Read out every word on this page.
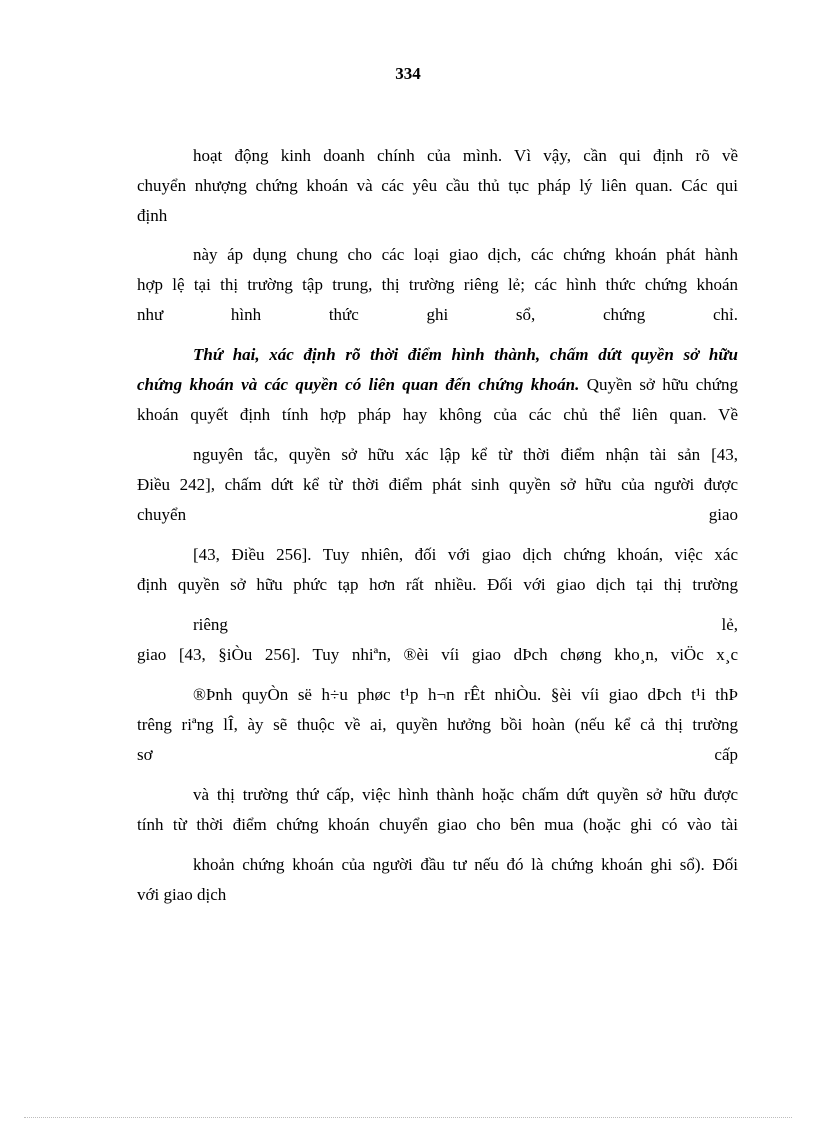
334
hoạt động kinh doanh chính của mình. Vì vậy, cần qui định rõ về
chuyển nhượng chứng khoán và các yêu cầu thủ tục pháp lý liên quan. Các qui
định
này áp dụng chung cho các loại giao dịch, các chứng khoán phát hành
hợp lệ tại thị trường tập trung, thị trường riêng lẻ; các hình thức chứng khoán
như	hình	thức	ghi	sổ,	chứng	chỉ.
Thứ hai, xác định rõ thời điểm hình thành, chấm dứt quyền sở hữu
chứng khoán và các quyền có liên quan đến chứng khoán. Quyền sở hữu chứng
khoán quyết định tính hợp pháp hay không của các chủ thể liên quan. Về
nguyên tắc, quyền sở hữu xác lập kể từ thời điểm nhận tài sản [43,
Điều 242], chấm dứt kể từ thời điểm phát sinh quyền sở hữu của người được
chuyển	giao
[43, Điều 256]. Tuy nhiên, đối với giao dịch chứng khoán, việc xác
định quyền sở hữu phức tạp hơn rất nhiều. Đối với giao dịch tại thị trường
riêng	lẻ,
giao [43, §iÒu 256]. Tuy nhiªn, ®èi víi giao dÞch chøng kho¸n, viÖc x¸c
®Þnh quyÒn së h÷u phøc t¹p h¬n rÊt nhiÒu. §èi víi giao dÞch t¹i thÞ
trêng riªng lÎ, ày sẽ thuộc về ai, quyền hưởng bồi hoàn (nếu kể cả thị trường
sơ	cấp
và thị trường thứ cấp, việc hình thành hoặc chấm dứt quyền sở hữu được
tính từ thời điểm chứng khoán chuyển giao cho bên mua (hoặc ghi có vào tài
khoản chứng khoán của người đầu tư nếu đó là chứng khoán ghi sổ). Đối
với giao dịch
